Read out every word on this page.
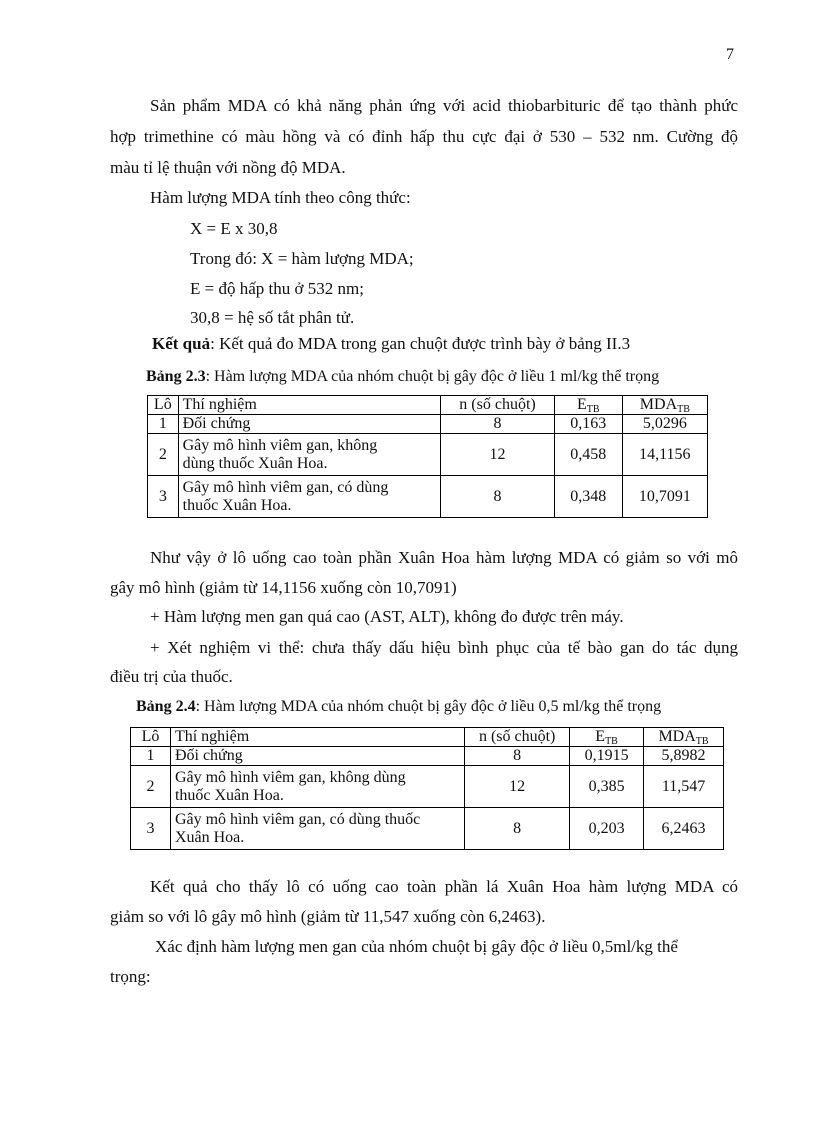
7
Sản phẩm MDA có khả năng phản ứng với acid thiobarbituric để tạo thành phức
hợp trimethine có màu hồng và có đỉnh hấp thu cực đại ở 530 – 532 nm. Cường độ
màu tỉ lệ thuận với nồng độ MDA.
Hàm lượng MDA tính theo công thức:
X = E x 30,8
Trong đó: X = hàm lượng MDA;
E = độ hấp thu ở 532 nm;
30,8 = hệ số tắt phân tử.
Kết quả: Kết quả đo MDA trong gan chuột được trình bày ở bảng II.3
Bảng 2.3: Hàm lượng MDA của nhóm chuột bị gây độc ở liều 1 ml/kg thể trọng
Lô	Thí nghiệm	n (số chuột)	$E_{TB}$	$MDA_{TB}$
1	Đối chứng	8	0,163	5,0296
2	Gây mô hình viêm gan, không
dùng thuốc Xuân Hoa.	12	0,458	14,1156
3	Gây mô hình viêm gan, có dùng
thuốc Xuân Hoa.	8	0,348	10,7091
Như vậy ở lô uống cao toàn phần Xuân Hoa hàm lượng MDA có giảm so với mô
gây mô hình (giảm từ 14,1156 xuống còn 10,7091)
+ Hàm lượng men gan quá cao (AST, ALT), không đo được trên máy.
+ Xét nghiệm vi thể: chưa thấy dấu hiệu bình phục của tế bào gan do tác dụng
điều trị của thuốc.
Bảng 2.4: Hàm lượng MDA của nhóm chuột bị gây độc ở liều 0,5 ml/kg thể trọng
Lô	Thí nghiệm	n (số chuột)	$E_{TB}$	$MDA_{TB}$
1	Đối chứng	8	0,1915	5,8982
2	Gây mô hình viêm gan, không dùng
thuốc Xuân Hoa.	12	0,385	11,547
3	Gây mô hình viêm gan, có dùng thuốc
Xuân Hoa.	8	0,203	6,2463
Kết quả cho thấy lô có uống cao toàn phần lá Xuân Hoa hàm lượng MDA có
giảm so với lô gây mô hình (giảm từ 11,547 xuống còn 6,2463).
Xác định hàm lượng men gan của nhóm chuột bị gây độc ở liều 0,5ml/kg thể
trọng:
